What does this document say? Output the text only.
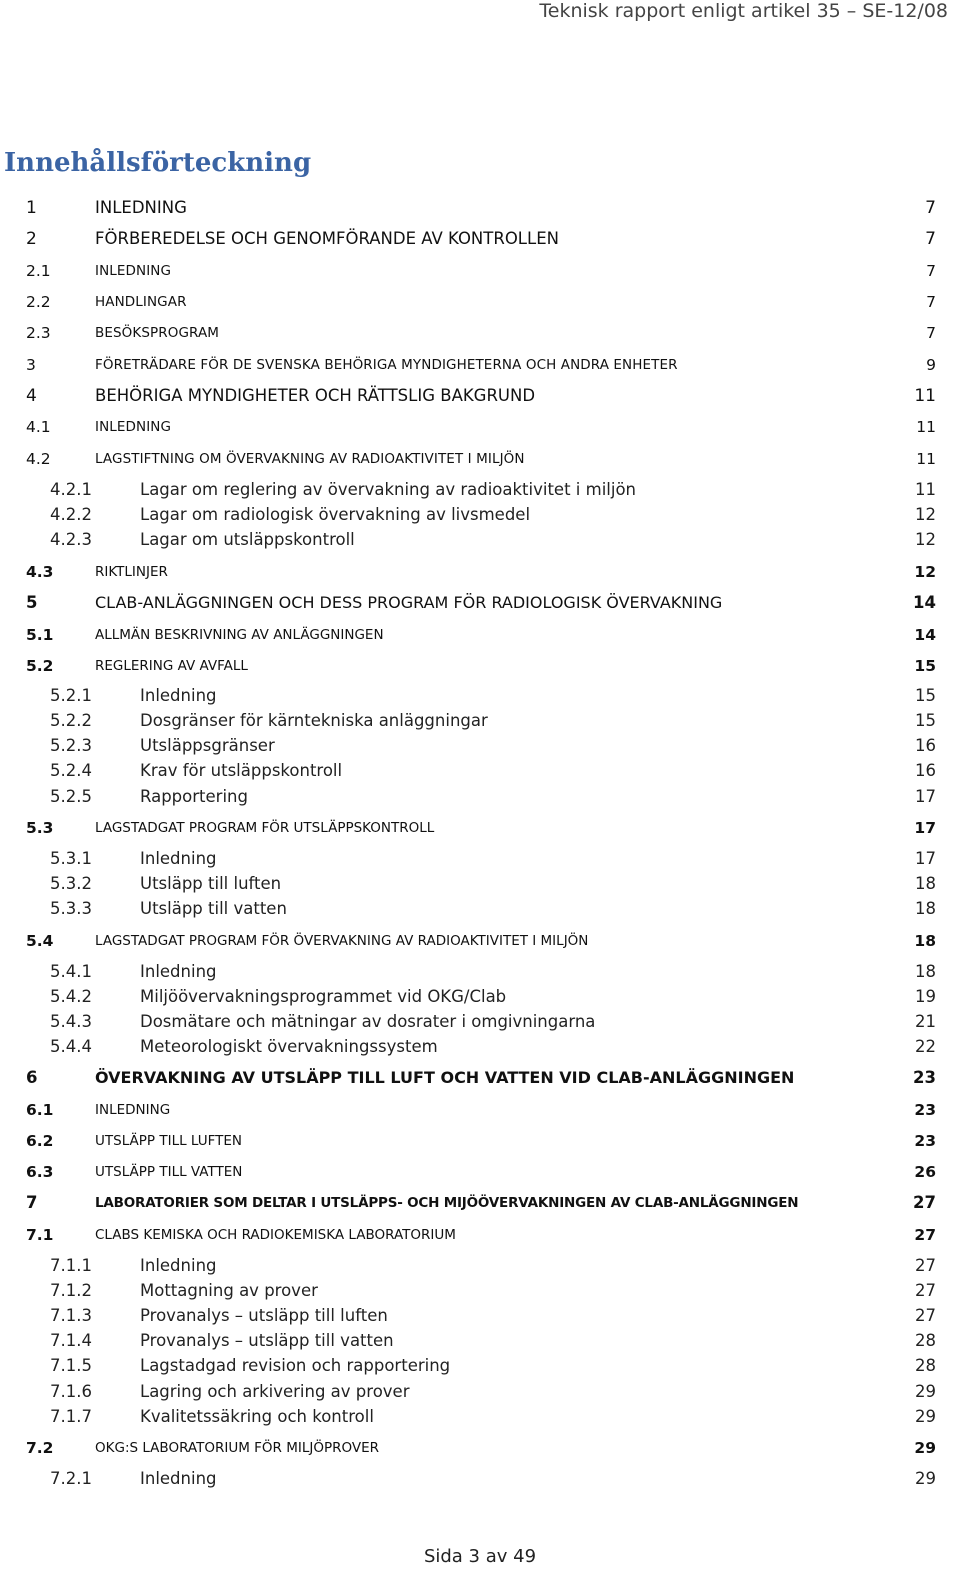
Teknisk rapport enligt artikel 35 – SE-12/08
Innehållsförteckning
1	INLEDNING	7
2	FÖRBEREDELSE OCH GENOMFÖRANDE AV KONTROLLEN	7
2.1	INLEDNING	7
2.2	HANDLINGAR	7
2.3	BESÖKSPROGRAM	7
3	FÖRETRÄDARE FÖR DE SVENSKA BEHÖRIGA MYNDIGHETERNA OCH ANDRA ENHETER	9
4	BEHÖRIGA MYNDIGHETER OCH RÄTTSLIG BAKGRUND	11
4.1	INLEDNING	11
4.2	LAGSTIFTNING OM ÖVERVAKNING AV RADIOAKTIVITET I MILJÖN	11
4.2.1	Lagar om reglering av övervakning av radioaktivitet i miljön	11
4.2.2	Lagar om radiologisk övervakning av livsmedel	12
4.2.3	Lagar om utsläppskontroll	12
4.3	RIKTLINJER	12
5	CLAB-ANLÄGGNINGEN OCH DESS PROGRAM FÖR RADIOLOGISK ÖVERVAKNING	14
5.1	ALLMÄN BESKRIVNING AV ANLÄGGNINGEN	14
5.2	REGLERING AV AVFALL	15
5.2.1	Inledning	15
5.2.2	Dosgränser för kärntekniska anläggningar	15
5.2.3	Utsläppsgränser	16
5.2.4	Krav för utsläppskontroll	16
5.2.5	Rapportering	17
5.3	LAGSTADGAT PROGRAM FÖR UTSLÄPPSKONTROLL	17
5.3.1	Inledning	17
5.3.2	Utsläpp till luften	18
5.3.3	Utsläpp till vatten	18
5.4	LAGSTADGAT PROGRAM FÖR ÖVERVAKNING AV RADIOAKTIVITET I MILJÖN	18
5.4.1	Inledning	18
5.4.2	Miljöövervakningsprogrammet vid OKG/Clab	19
5.4.3	Dosmätare och mätningar av dosrater i omgivningarna	21
5.4.4	Meteorologiskt övervakningssystem	22
6	ÖVERVAKNING AV UTSLÄPP TILL LUFT OCH VATTEN VID CLAB-ANLÄGGNINGEN	23
6.1	INLEDNING	23
6.2	UTSLÄPP TILL LUFTEN	23
6.3	UTSLÄPP TILL VATTEN	26
7	LABORATORIER SOM DELTAR I UTSLÄPPS- OCH MIJÖÖVERVAKNINGEN AV CLAB-ANLÄGGNINGEN	27
7.1	CLABS KEMISKA OCH RADIOKEMISKA LABORATORIUM	27
7.1.1	Inledning	27
7.1.2	Mottagning av prover	27
7.1.3	Provanalys – utsläpp till luften	27
7.1.4	Provanalys – utsläpp till vatten	28
7.1.5	Lagstadgad revision och rapportering	28
7.1.6	Lagring och arkivering av prover	29
7.1.7	Kvalitetssäkring och kontroll	29
7.2	OKG:S LABORATORIUM FÖR MILJÖPROVER	29
7.2.1	Inledning	29
Sida 3 av 49
